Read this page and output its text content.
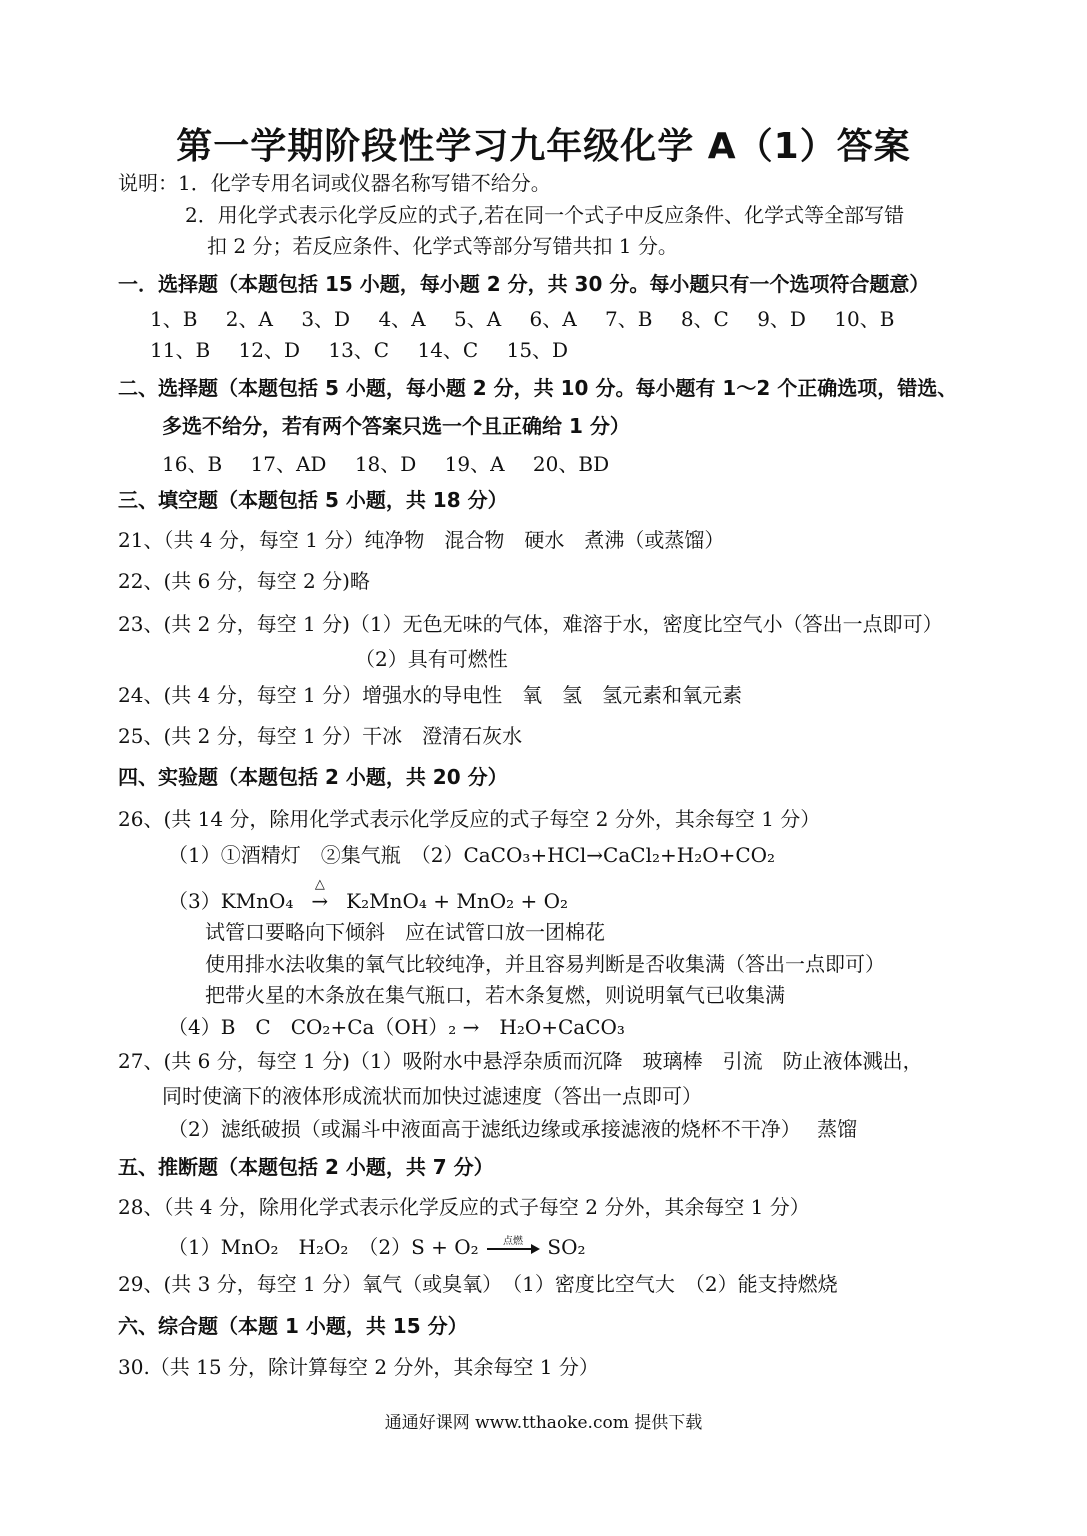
第一学期阶段性学习九年级化学 A（1）答案
说明：1．化学专用名词或仪器名称写错不给分。
2．用化学式表示化学反应的式子,若在同一个式子中反应条件、化学式等全部写错
扣 2 分；若反应条件、化学式等部分写错共扣 1 分。
一．选择题（本题包括 15 小题，每小题 2 分，共 30 分。每小题只有一个选项符合题意）
1、B 2、A 3、D 4、A 5、A 6、A 7、B 8、C 9、D 10、B
11、B 12、D 13、C 14、C 15、D
二、选择题（本题包括 5 小题，每小题 2 分，共 10 分。每小题有 1～2 个正确选项，错选、
多选不给分，若有两个答案只选一个且正确给 1 分）
16、B 17、AD 18、D 19、A 20、BD
三、填空题（本题包括 5 小题，共 18 分）
21、（共 4 分，每空 1 分）纯净物　混合物　硬水　煮沸（或蒸馏）
22、(共 6 分，每空 2 分)略
23、(共 2 分，每空 1 分)（1）无色无味的气体，难溶于水，密度比空气小（答出一点即可）
（2）具有可燃性
24、(共 4 分，每空 1 分）增强水的导电性　氧　氢　氢元素和氧元素
25、(共 2 分，每空 1 分）干冰　澄清石灰水
四、实验题（本题包括 2 小题，共 20 分）
26、(共 14 分，除用化学式表示化学反应的式子每空 2 分外，其余每空 1 分）
（1）①酒精灯　②集气瓶　（2）CaCO₃+HCl→CaCl₂+H₂O+CO₂
（3）KMnO₄
△
→ K₂MnO₄ + MnO₂ + O₂
试管口要略向下倾斜　应在试管口放一团棉花
使用排水法收集的氧气比较纯净，并且容易判断是否收集满（答出一点即可）
把带火星的木条放在集气瓶口，若木条复燃，则说明氧气已收集满
（4）B　C　CO₂+Ca（OH）₂ →　H₂O+CaCO₃
27、(共 6 分，每空 1 分)（1）吸附水中悬浮杂质而沉降　玻璃棒　引流　防止液体溅出，
同时使滴下的液体形成流状而加快过滤速度（答出一点即可）
（2）滤纸破损（或漏斗中液面高于滤纸边缘或承接滤液的烧杯不干净）　 蒸馏
五、推断题（本题包括 2 小题，共 7 分）
28、（共 4 分，除用化学式表示化学反应的式子每空 2 分外，其余每空 1 分）
（1）MnO₂　H₂O₂　（2）S + O₂	点燃	SO₂
29、(共 3 分，每空 1 分）氧气（或臭氧）　（1）密度比空气大　（2）能支持燃烧
六、综合题（本题 1 小题，共 15 分）
30.（共 15 分，除计算每空 2 分外，其余每空 1 分）
通通好课网 www.tthaoke.com 提供下载
